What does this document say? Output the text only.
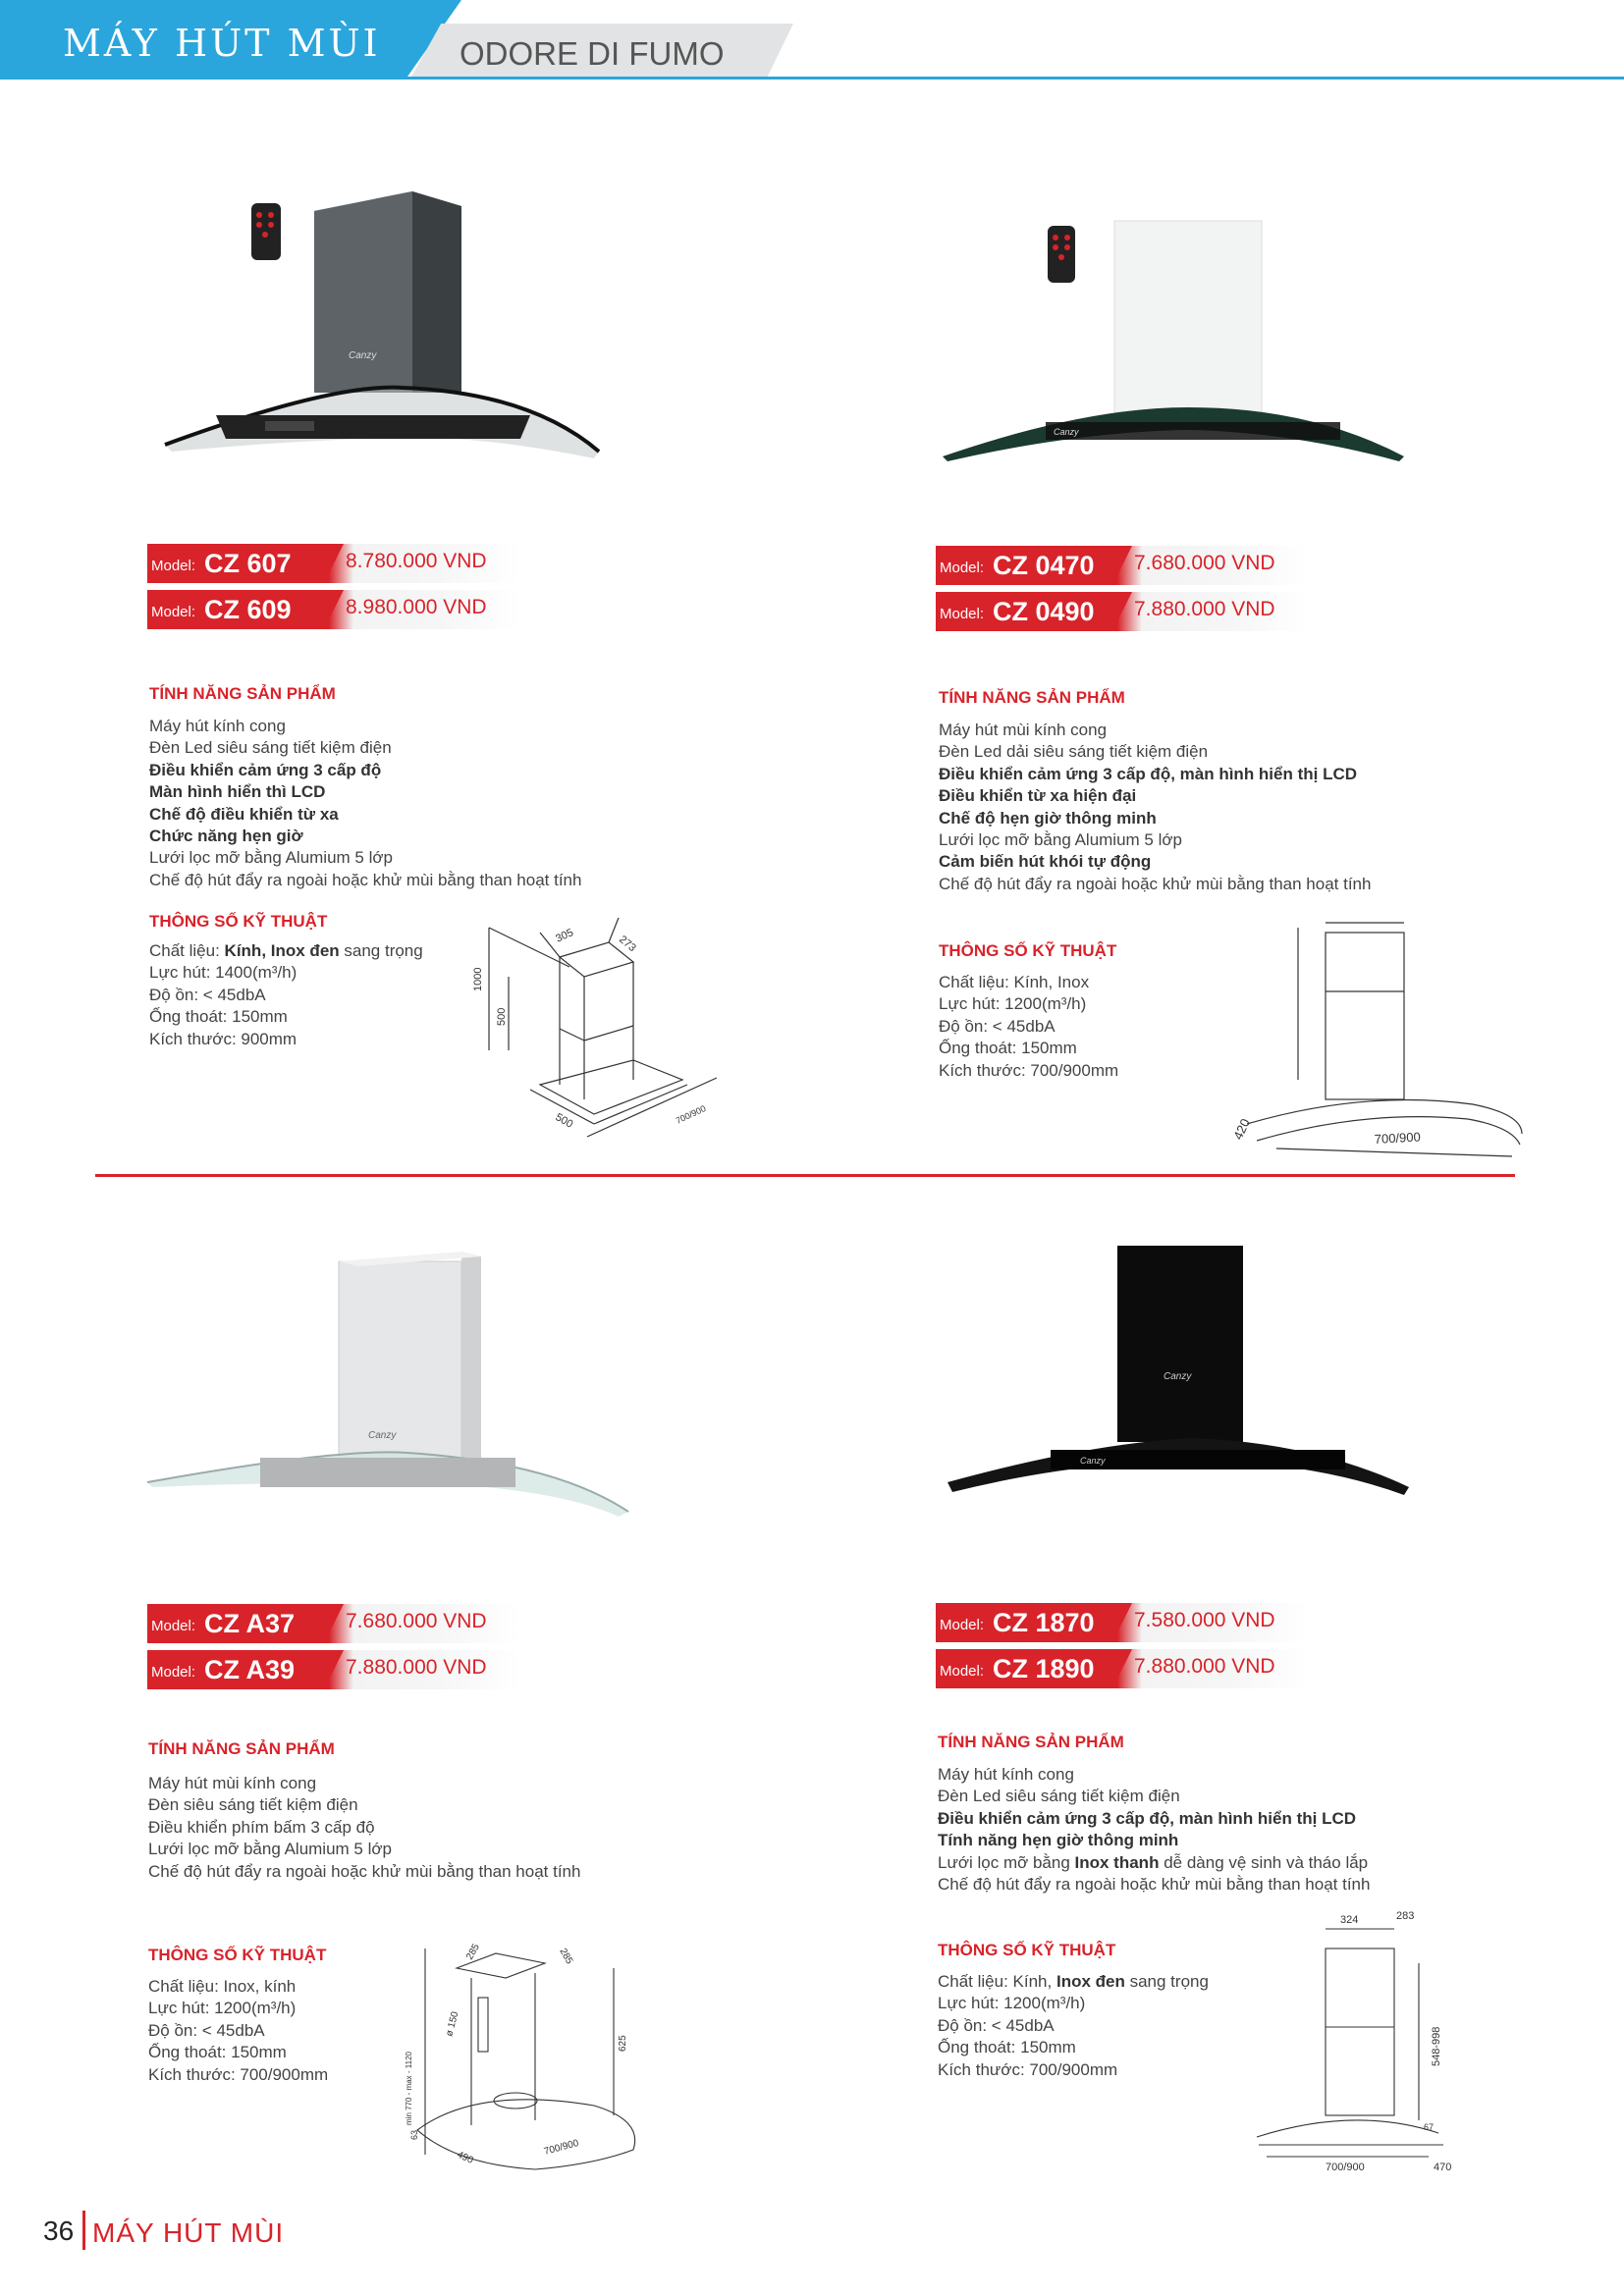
MÁY HÚT MÙI ODORE DI FUMO
Canzy
Model: CZ 607	8.780.000 VND
Model: CZ 609	8.980.000 VND
TÍNH NĂNG SẢN PHẨM
Máy hút kính cong
Đèn Led siêu sáng tiết kiệm điện
Điều khiển cảm ứng 3 cấp độ
Màn hình hiển thì LCD
Chế độ điều khiển từ xa
Chức năng hẹn giờ
Lưới lọc mỡ bằng Alumium 5 lớp
Chế độ hút đẩy ra ngoài hoặc khử mùi bằng than hoạt tính
THÔNG SỐ KỸ THUẬT
Chất liệu: Kính, Inox đen sang trọng
Lực hút: 1400(m³/h)
Độ ồn: < 45dbA
Ống thoát: 150mm
Kích thước: 900mm
305	273
1000
500
500	700/900
Canzy
Model: CZ 0470 7.680.000 VND
Model: CZ 0490 7.880.000 VND
TÍNH NĂNG SẢN PHẨM
Máy hút mùi kính cong
Đèn Led dải siêu sáng tiết kiệm điện
Điều khiển cảm ứng 3 cấp độ, màn hình hiển thị LCD
Điều khiển từ xa hiện đại
Chế độ hẹn giờ thông minh
Lưới lọc mỡ bằng Alumium 5 lớp
Cảm biến hút khói tự động
Chế độ hút đẩy ra ngoài hoặc khử mùi bằng than hoạt tính
THÔNG SỐ KỸ THUẬT
Chất liệu: Kính, Inox
Lực hút: 1200(m³/h)
Độ ồn: < 45dbA
Ống thoát: 150mm
Kích thước: 700/900mm
420	700/900
Canzy
Model: CZ A37 7.680.000 VND
Model: CZ A39 7.880.000 VND
TÍNH NĂNG SẢN PHẨM
Máy hút mùi kính cong
Đèn siêu sáng tiết kiệm điện
Điều khiển phím bấm 3 cấp độ
Lưới lọc mỡ bằng Alumium 5 lớp
Chế độ hút đẩy ra ngoài hoặc khử mùi bằng than hoạt tính
THÔNG SỐ KỸ THUẬT
Chất liệu: Inox, kính
Lực hút: 1200(m³/h)
Độ ồn: < 45dbA
Ống thoát: 150mm
Kích thước: 700/900mm
285	285
ø 150
625
min 770 - max - 1120
63
490
700/900
Canzy
Canzy
Model: CZ 1870 7.580.000 VND
Model: CZ 1890 7.880.000 VND
TÍNH NĂNG SẢN PHẨM
Máy hút kính cong
Đèn Led siêu sáng tiết kiệm điện
Điều khiển cảm ứng 3 cấp độ, màn hình hiển thị LCD
Tính năng hẹn giờ thông minh
Lưới lọc mỡ bằng Inox thanh dễ dàng vệ sinh và tháo lắp
Chế độ hút đẩy ra ngoài hoặc khử mùi bằng than hoạt tính
THÔNG SỐ KỸ THUẬT
Chất liệu: Kính, Inox đen sang trọng
Lực hút: 1200(m³/h)
Độ ồn: < 45dbA
Ống thoát: 150mm
Kích thước: 700/900mm
324	283
548-998
67
700/900	470
36 MÁY HÚT MÙI
